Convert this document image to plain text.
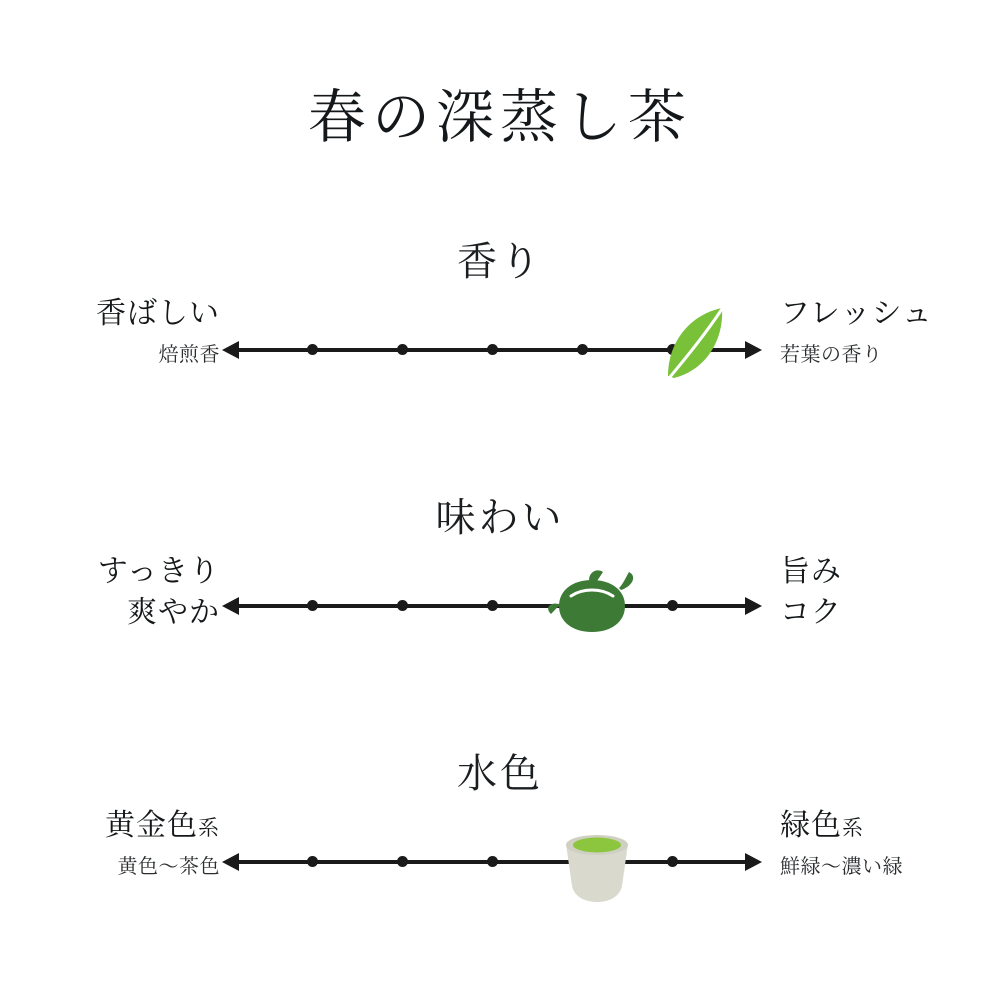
春の深蒸し茶
香り
香ばしい
焙煎香
フレッシュ
若葉の香り
味わい
すっきり
爽やか
旨み
コク
水色
黄金色系
黄色〜茶色
緑色系
鮮緑〜濃い緑
